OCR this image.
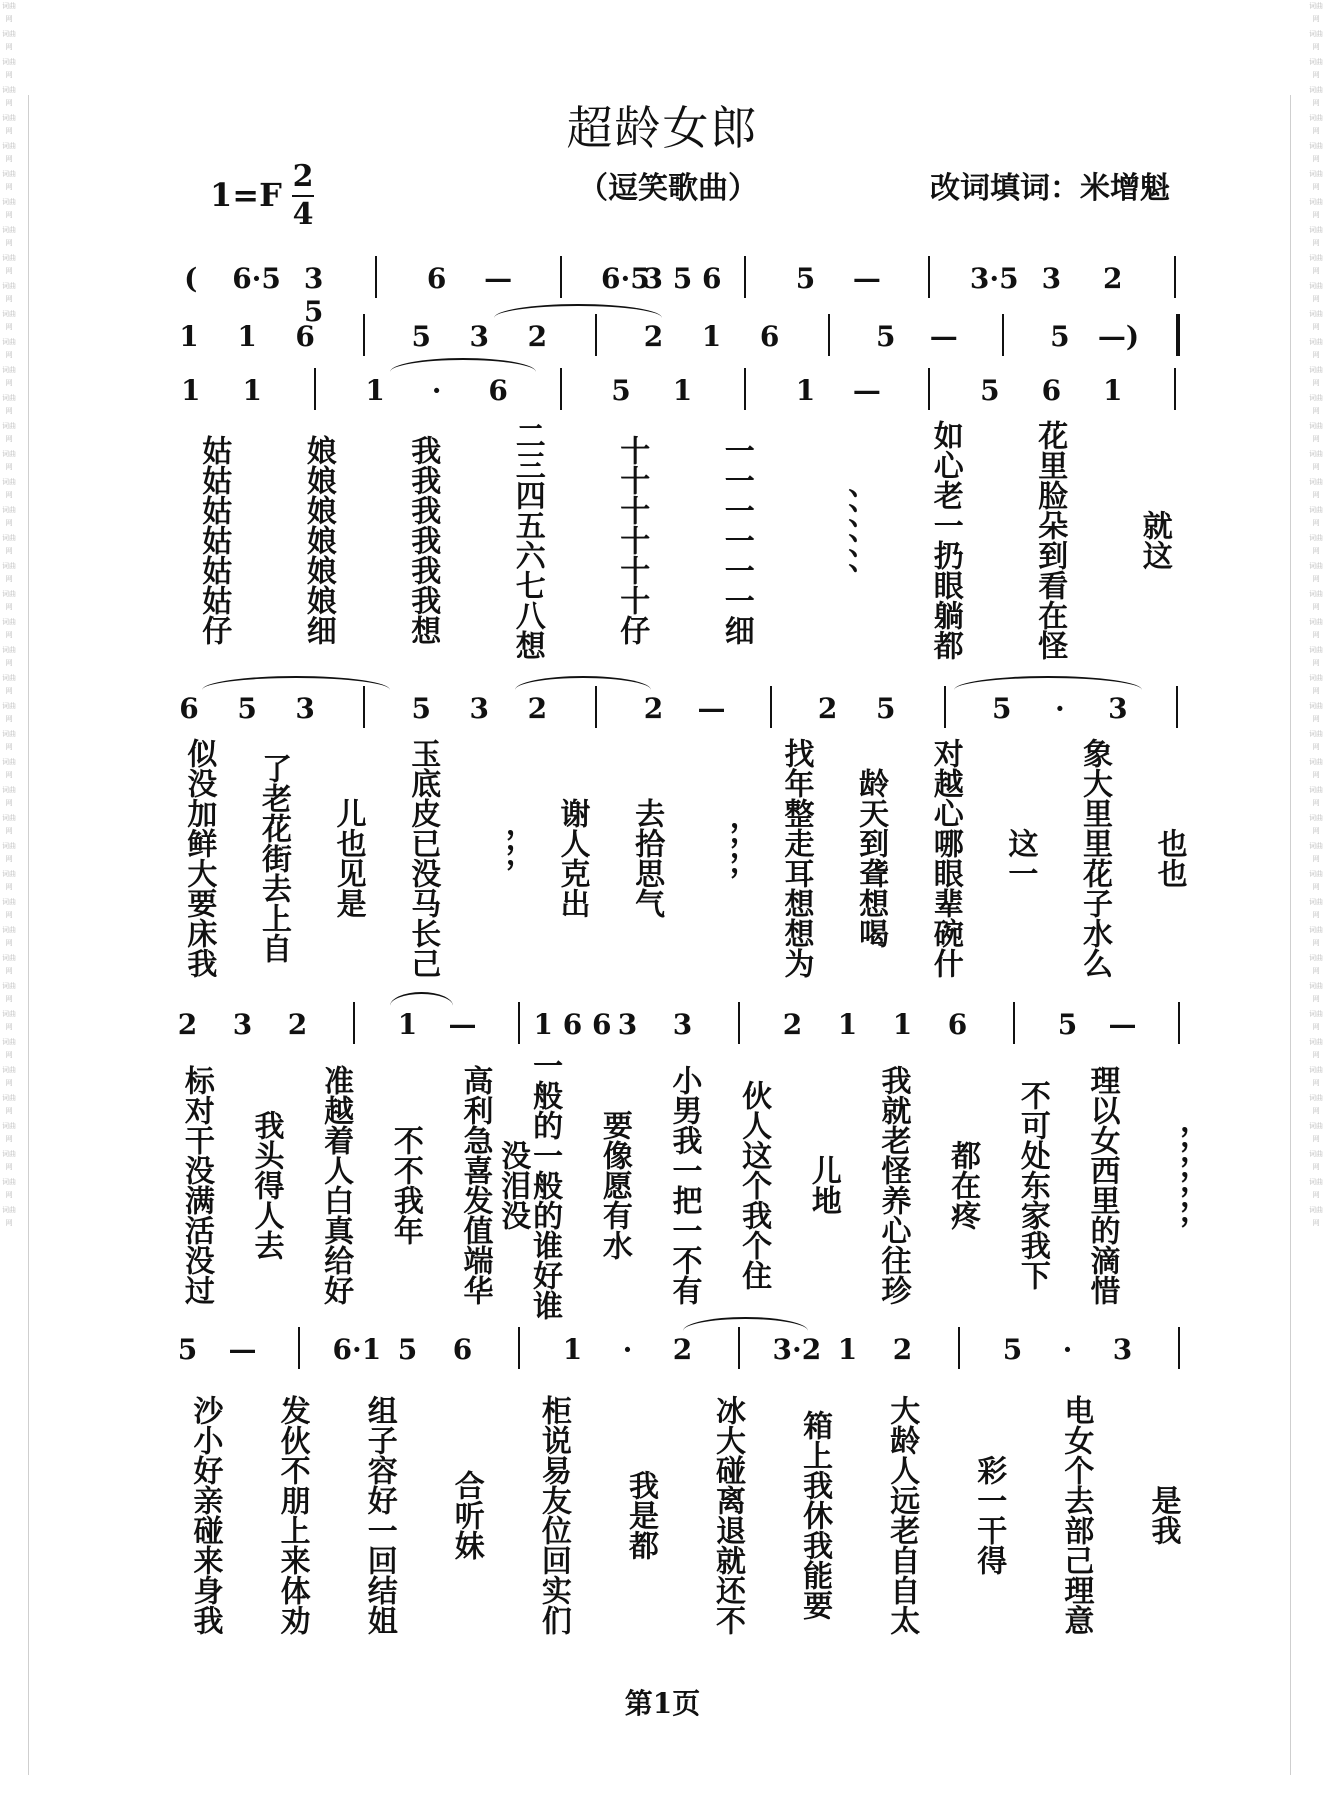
词曲网
词曲网
词曲网
词曲网
词曲网
词曲网
词曲网
词曲网
词曲网
词曲网
词曲网
词曲网
词曲网
词曲网
词曲网
词曲网
词曲网
词曲网
词曲网
词曲网
词曲网
词曲网
词曲网
词曲网
词曲网
词曲网
词曲网
词曲网
词曲网
词曲网
词曲网
词曲网
词曲网
词曲网
词曲网
词曲网
词曲网
词曲网
词曲网
词曲网
词曲网
词曲网
词曲网
词曲网
词曲网
词曲网
词曲网
词曲网
词曲网
词曲网
词曲网
词曲网
词曲网
词曲网
词曲网
词曲网
词曲网
词曲网
词曲网
词曲网
词曲网
词曲网
词曲网
词曲网
词曲网
词曲网
词曲网
词曲网
词曲网
词曲网
词曲网
词曲网
词曲网
词曲网
词曲网
词曲网
词曲网
词曲网
词曲网
词曲网
词曲网
词曲网
词曲网
词曲网
词曲网
词曲网
词曲网
词曲网
超龄女郎
1=F 2
4
（逗笑歌曲）	改词填词：米增魁
(	6·5 3 5
6	—	6·5
3 5 6	5	—	3·5 3	2
1	1	6	5	3	2	2	1	6	5	—	5	—)
1	1	1	·	6	5	1	1	—	5	6	1
6	5	3	5	3	2	2	—	2	5	5	·	3
2	3	2	1	— 1 6 6 3	3	2	1	1	6	5	—
5	—	6·1 5	6	1	·	2	3·2 1	2	5	·	3
姑姑姑姑姑姑仔 娘娘娘娘娘娘细 我我我我我我想 二三四五六七八想 十十十十十十仔 一一一一一一细 、、、、、、 如心老一扔眼躺都 花里脸朵到看在怪 就这
似没加鲜大要床我 了老花街去上自 儿也见是 玉底皮已没马长己 ，，， 谢人克出 去拾思气 ，，，， 找年整走耳想想为 龄天到聋想喝 对越心哪眼辈碗什 这一 象大里里花子水么 也也
标对干没满活没过 我头得人去 准越着人白真给好 不不我年 高利急喜发值端华 一般的一般的谁好谁没泪没	要像愿有水 小男我一把一不有 伙人这个我个住 儿地 我就老怪养心往珍 都在疼 不可处东家我下 理以女西里的滴惜 ，，，，，，，
沙小好亲碰来身我 发伙不朋上来体劝 组子容好一回结姐 合听妹 柜说易友位回实们 我是都 冰大碰离退就还不 箱上我休我能要 大龄人远老自自太 彩一干得 电女个去部己理意 是我
第1页
